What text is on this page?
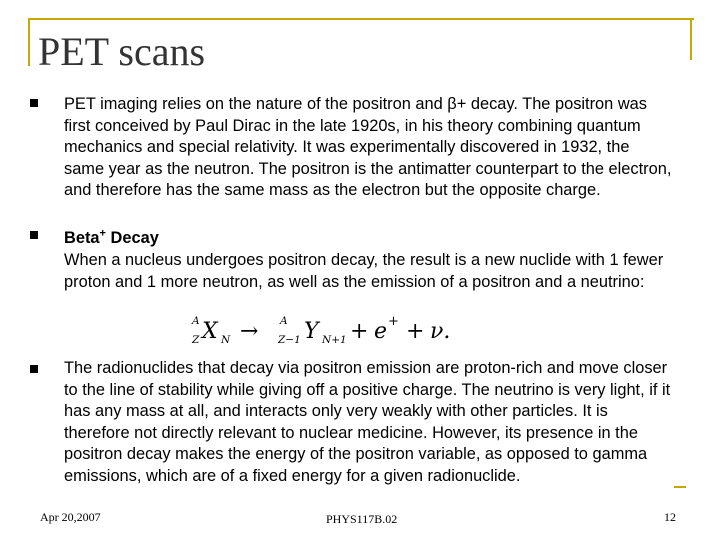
PET scans
PET imaging relies on the nature of the positron and β+ decay. The positron was first conceived by Paul Dirac in the late 1920s, in his theory combining quantum mechanics and special relativity. It was experimentally discovered in 1932, the same year as the neutron. The positron is the antimatter counterpart to the electron, and therefore has the same mass as the electron but the opposite charge.
Beta+ Decay
When a nucleus undergoes positron decay, the result is a new nuclide with 1 fewer proton and 1 more neutron, as well as the emission of a positron and a neutrino:
A
Z X N → A
Z−1 Y N+1 + e + + ν.
The radionuclides that decay via positron emission are proton-rich and move closer to the line of stability while giving off a positive charge. The neutrino is very light, if it has any mass at all, and interacts only very weakly with other particles. It is therefore not directly relevant to nuclear medicine. However, its presence in the positron decay makes the energy of the positron variable, as opposed to gamma emissions, which are of a fixed energy for a given radionuclide.
Apr 20,2007	PHYS117B.02	12
